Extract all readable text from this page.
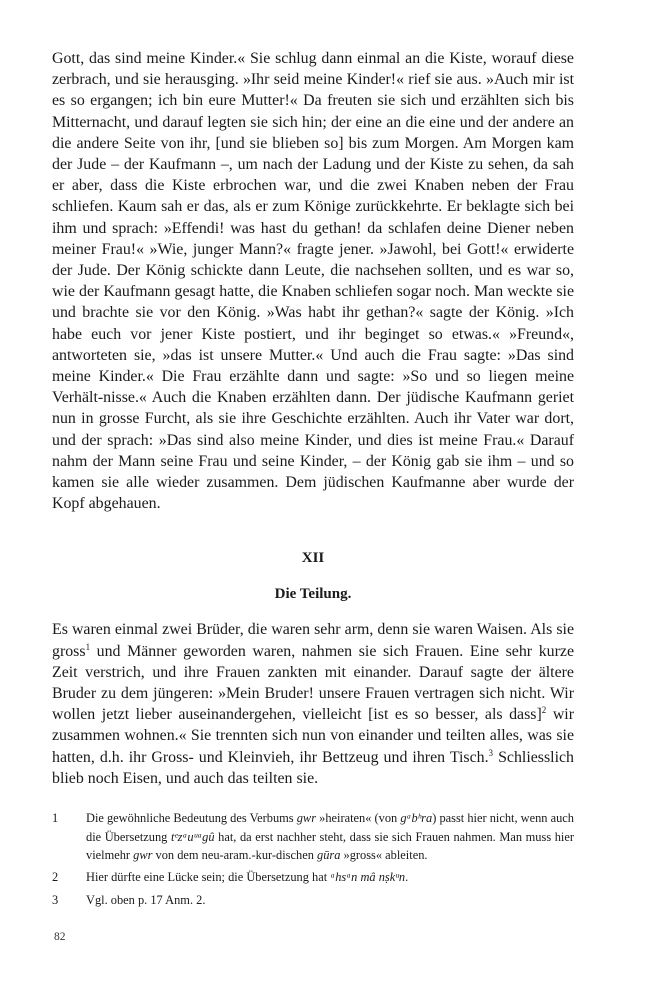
Gott, das sind meine Kinder.« Sie schlug dann einmal an die Kiste, worauf diese zerbrach, und sie herausging. »Ihr seid meine Kinder!« rief sie aus. »Auch mir ist es so ergangen; ich bin eure Mutter!« Da freuten sie sich und erzählten sich bis Mitternacht, und darauf legten sie sich hin; der eine an die eine und der andere an die andere Seite von ihr, [und sie blieben so] bis zum Morgen. Am Morgen kam der Jude – der Kaufmann –, um nach der Ladung und der Kiste zu sehen, da sah er aber, dass die Kiste erbrochen war, und die zwei Knaben neben der Frau schliefen. Kaum sah er das, als er zum Könige zurückkehrte. Er beklagte sich bei ihm und sprach: »Effendi! was hast du gethan! da schlafen deine Diener neben meiner Frau!« »Wie, junger Mann?« fragte jener. »Jawohl, bei Gott!« erwiderte der Jude. Der König schickte dann Leute, die nachsehen sollten, und es war so, wie der Kaufmann gesagt hatte, die Knaben schliefen sogar noch. Man weckte sie und brachte sie vor den König. »Was habt ihr gethan?« sagte der König. »Ich habe euch vor jener Kiste postiert, und ihr beginget so etwas.« »Freund«, antworteten sie, »das ist unsere Mutter.« Und auch die Frau sagte: »Das sind meine Kinder.« Die Frau erzählte dann und sagte: »So und so liegen meine Verhält-nisse.« Auch die Knaben erzählten dann. Der jüdische Kaufmann geriet nun in grosse Furcht, als sie ihre Geschichte erzählten. Auch ihr Vater war dort, und der sprach: »Das sind also meine Kinder, und dies ist meine Frau.« Darauf nahm der Mann seine Frau und seine Kinder, – der König gab sie ihm – und so kamen sie alle wieder zusammen. Dem jüdischen Kaufmanne aber wurde der Kopf abgehauen.

XII
Die Teilung.

Es waren einmal zwei Brüder, die waren sehr arm, denn sie waren Waisen. Als sie gross$^1$ und Männer geworden waren, nahmen sie sich Frauen. Eine sehr kurze Zeit verstrich, und ihre Frauen zankten mit einander. Darauf sagte der ältere Bruder zu dem jüngeren: »Mein Bruder! unsere Frauen vertragen sich nicht. Wir wollen jetzt lieber auseinandergehen, vielleicht [ist es so besser, als dass]$^2$ wir zusammen wohnen.« Sie trennten sich nun von einander und teilten alles, was sie hatten, d.h. ihr Gross- und Kleinvieh, ihr Bettzeug und ihren Tisch.$^3$ Schliesslich blieb noch Eisen, und auch das teilten sie.

1	Die gewöhnliche Bedeutung des Verbums gwr »heiraten« (von gᵃbʰra) passt hier nicht, wenn auch die Übersetzung tᵉzᵃuᵘᵃgû hat, da erst nachher steht, dass sie sich Frauen nahmen. Man muss hier vielmehr gwr von dem neu-aram.-kur-dischen gūra »gross« ableiten.
2	Hier dürfte eine Lücke sein; die Übersetzung hat ᵃhsᵃn mâ nṣkᵘn.
3	Vgl. oben p. 17 Anm. 2.
82
